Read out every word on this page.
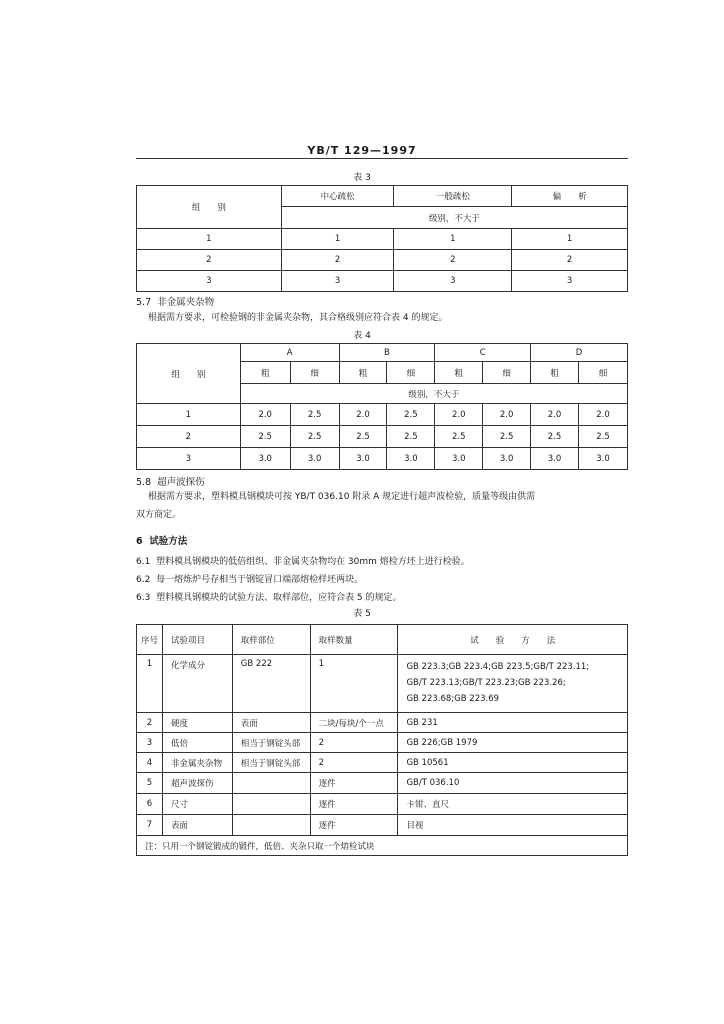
YB/T 129—1997
表 3
组　　别	中心疏松	一般疏松	偏　　析
	级别，不大于		
1	1	1	1
2	2	2	2
3	3	3	3
5.7 非金属夹杂物
根据需方要求，可检验钢的非金属夹杂物，其合格级别应符合表 4 的规定。
表 4
组　　别	A		B		C		D	
	粗	细	粗	细	粗	细	粗	细
	级别，不大于							
1	2.0	2.5	2.0	2.5	2.0	2.0	2.0	2.0
2	2.5	2.5	2.5	2.5	2.5	2.5	2.5	2.5
3	3.0	3.0	3.0	3.0	3.0	3.0	3.0	3.0
5.8 超声波探伤
根据需方要求，塑料模具钢模块可按 YB/T 036.10 附录 A 规定进行超声波检验，质量等级由供需
双方商定。
6 试验方法
6.1 塑料模具钢模块的低倍组织、非金属夹杂物均在 30mm 熔检方坯上进行检验。
6.2 每一熔炼炉号存相当于钢锭冒口端部熔检样坯两块。
6.3 塑料模具钢模块的试验方法、取样部位，应符合表 5 的规定。
表 5
序号	试验项目	取样部位	取样数量	试　　验　　方　　法
1	化学成分	GB 222	1	GB 223.3;GB 223.4;GB 223.5;GB/T 223.11;
GB/T 223.13;GB/T 223.23;GB 223.26;
GB 223.68;GB 223.69

2	硬度	表面	二块/每块/个一点	GB 231
3	低倍	相当于钢锭头部	2	GB 226;GB 1979
4	非金属夹杂物	相当于钢锭头部	2	GB 10561
5	超声波探伤		逐件	GB/T 036.10
6	尺寸		逐件	卡钳、直尺
7	表面		逐件	目视
注：只用一个钢锭锻成的锻件，低倍、夹杂只取一个熔检试块				
